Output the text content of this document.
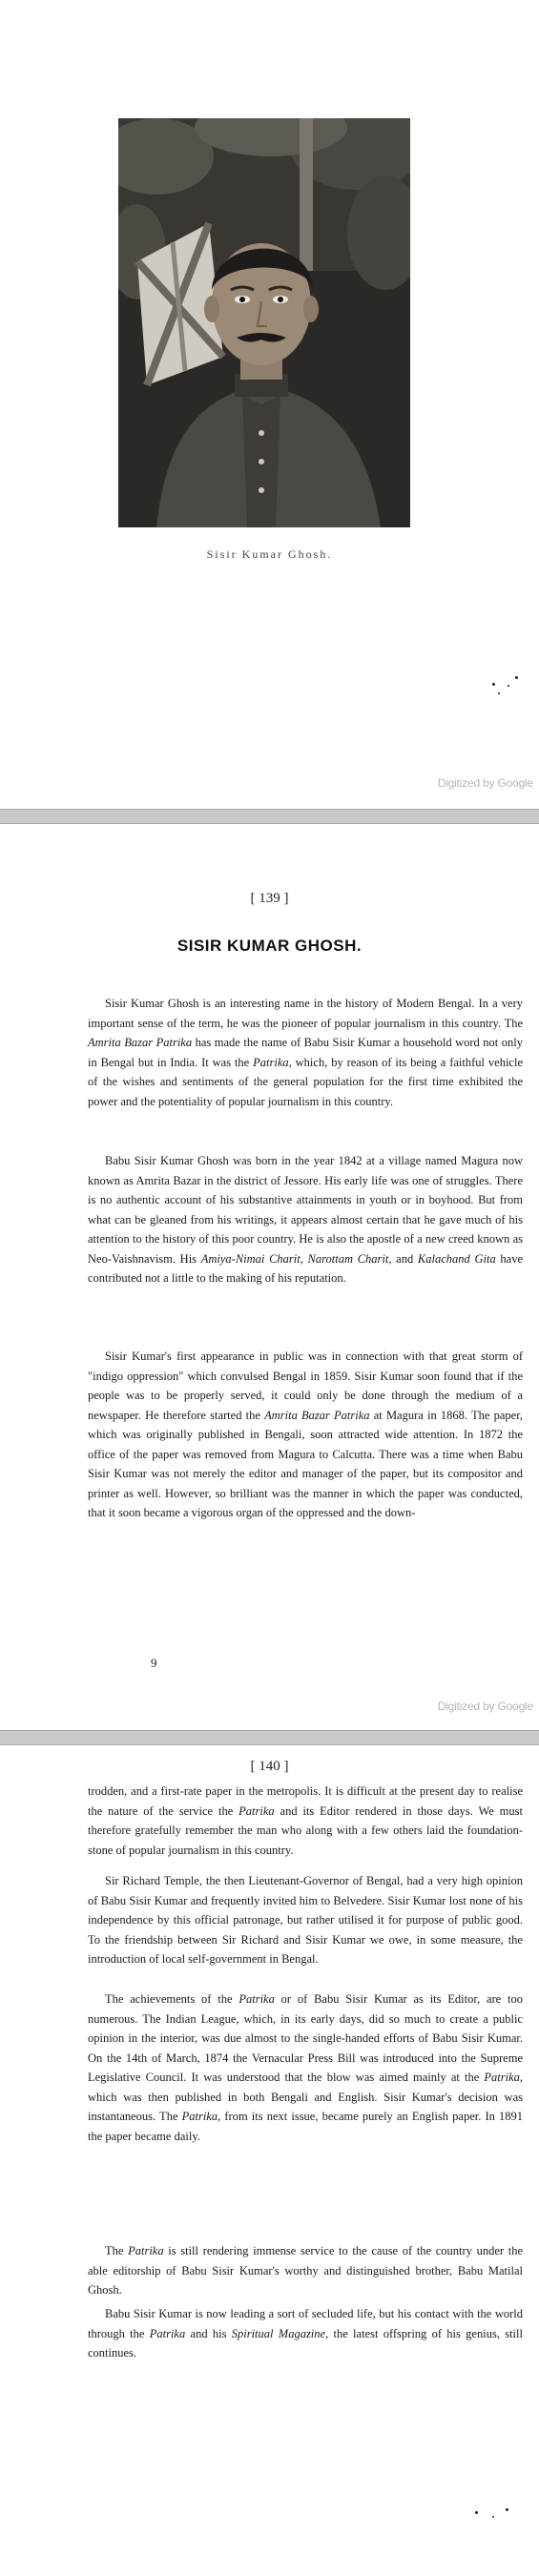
Sisir Kumar Ghosh.
Digitized by Google
[ 139 ]
SISIR KUMAR GHOSH.

Sisir Kumar Ghosh is an interesting name in the history of Modern Bengal. In a very important sense of the term, he was the pioneer of popular journalism in this country. The Amrita Bazar Patrika has made the name of Babu Sisir Kumar a household word not only in Bengal but in India. It was the Patrika, which, by reason of its being a faithful vehicle of the wishes and sentiments of the general population for the first time exhibited the power and the potentiality of popular journalism in this country.

Babu Sisir Kumar Ghosh was born in the year 1842 at a village named Magura now known as Amrita Bazar in the district of Jessore. His early life was one of struggles. There is no authentic account of his substantive attainments in youth or in boyhood. But from what can be gleaned from his writings, it appears almost certain that he gave much of his attention to the history of this poor country. He is also the apostle of a new creed known as Neo-Vaishnavism. His Amiya-Nimai Charit, Narottam Charit, and Kalachand Gita have contributed not a little to the making of his reputation.

Sisir Kumar's first appearance in public was in connection with that great storm of "indigo oppression" which convulsed Bengal in 1859. Sisir Kumar soon found that if the people was to be properly served, it could only be done through the medium of a newspaper. He therefore started the Amrita Bazar Patrika at Magura in 1868. The paper, which was originally published in Bengali, soon attracted wide attention. In 1872 the office of the paper was removed from Magura to Calcutta. There was a time when Babu Sisir Kumar was not merely the editor and manager of the paper, but its compositor and printer as well. However, so brilliant was the manner in which the paper was conducted, that it soon became a vigorous organ of the oppressed and the down-

9
Digitized by Google
[ 140 ]

trodden, and a first-rate paper in the metropolis. It is difficult at the present day to realise the nature of the service the Patrika and its Editor rendered in those days. We must therefore gratefully remember the man who along with a few others laid the foundation-stone of popular journalism in this country.

Sir Richard Temple, the then Lieutenant-Governor of Bengal, had a very high opinion of Babu Sisir Kumar and frequently invited him to Belvedere. Sisir Kumar lost none of his independence by this official patronage, but rather utilised it for purpose of public good. To the friendship between Sir Richard and Sisir Kumar we owe, in some measure, the introduction of local self-government in Bengal.

The achievements of the Patrika or of Babu Sisir Kumar as its Editor, are too numerous. The Indian League, which, in its early days, did so much to create a public opinion in the interior, was due almost to the single-handed efforts of Babu Sisir Kumar. On the 14th of March, 1874 the Vernacular Press Bill was introduced into the Supreme Legislative Council. It was understood that the blow was aimed mainly at the Patrika, which was then published in both Bengali and English. Sisir Kumar's decision was instantaneous. The Patrika, from its next issue, became purely an English paper. In 1891 the paper became daily.

The Patrika is still rendering immense service to the cause of the country under the able editorship of Babu Sisir Kumar's worthy and distinguished brother, Babu Matilal Ghosh.

Babu Sisir Kumar is now leading a sort of secluded life, but his contact with the world through the Patrika and his Spiritual Magazine, the latest offspring of his genius, still continues.
